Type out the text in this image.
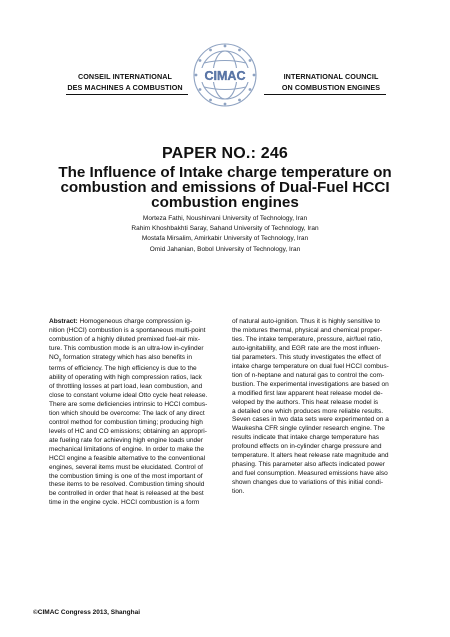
CONSEIL INTERNATIONAL
DES MACHINES A COMBUSTION
INTERNATIONAL COUNCIL
ON COMBUSTION ENGINES
CIMAC
PAPER NO.: 246
The Influence of Intake charge temperature on
combustion and emissions of Dual-Fuel HCCI
combustion engines
Morteza Fathi, Noushirvani University of Technology, Iran
Rahim Khoshbakhti Saray, Sahand University of Technology, Iran
Mostafa Mirsalim, Amirkabir University of Technology, Iran
Omid Jahanian, Bobol University of Technology, Iran
Abstract: Homogeneous charge compression ig-
nition (HCCI) combustion is a spontaneous multi-point
combustion of a highly diluted premixed fuel-air mix-
ture. This combustion mode is an ultra-low in-cylinder
$NO_x$ formation strategy which has also benefits in
terms of efficiency. The high efficiency is due to the
ability of operating with high compression ratios, lack
of throttling losses at part load, lean combustion, and
close to constant volume ideal Otto cycle heat release.
There are some deficiencies intrinsic to HCCI combus-
tion which should be overcome: The lack of any direct
control method for combustion timing; producing high
levels of HC and CO emissions; obtaining an appropri-
ate fueling rate for achieving high engine loads under
mechanical limitations of engine. In order to make the
HCCI engine a feasible alternative to the conventional
engines, several items must be elucidated. Control of
the combustion timing is one of the most important of
these items to be resolved. Combustion timing should
be controlled in order that heat is released at the best
time in the engine cycle. HCCI combustion is a form
of natural auto-ignition. Thus it is highly sensitive to
the mixtures thermal, physical and chemical proper-
ties. The intake temperature, pressure, air/fuel ratio,
auto-ignitability, and EGR rate are the most influen-
tial parameters. This study investigates the effect of
intake charge temperature on dual fuel HCCI combus-
tion of n-heptane and natural gas to control the com-
bustion. The experimental investigations are based on
a modified first law apparent heat release model de-
veloped by the authors. This heat release model is
a detailed one which produces more reliable results.
Seven cases in two data sets were experimented on a
Waukesha CFR single cylinder research engine. The
results indicate that intake charge temperature has
profound effects on in-cylinder charge pressure and
temperature. It alters heat release rate magnitude and
phasing. This parameter also affects indicated power
and fuel consumption. Measured emissions have also
shown changes due to variations of this initial condi-
tion.
©CIMAC Congress 2013, Shanghai
